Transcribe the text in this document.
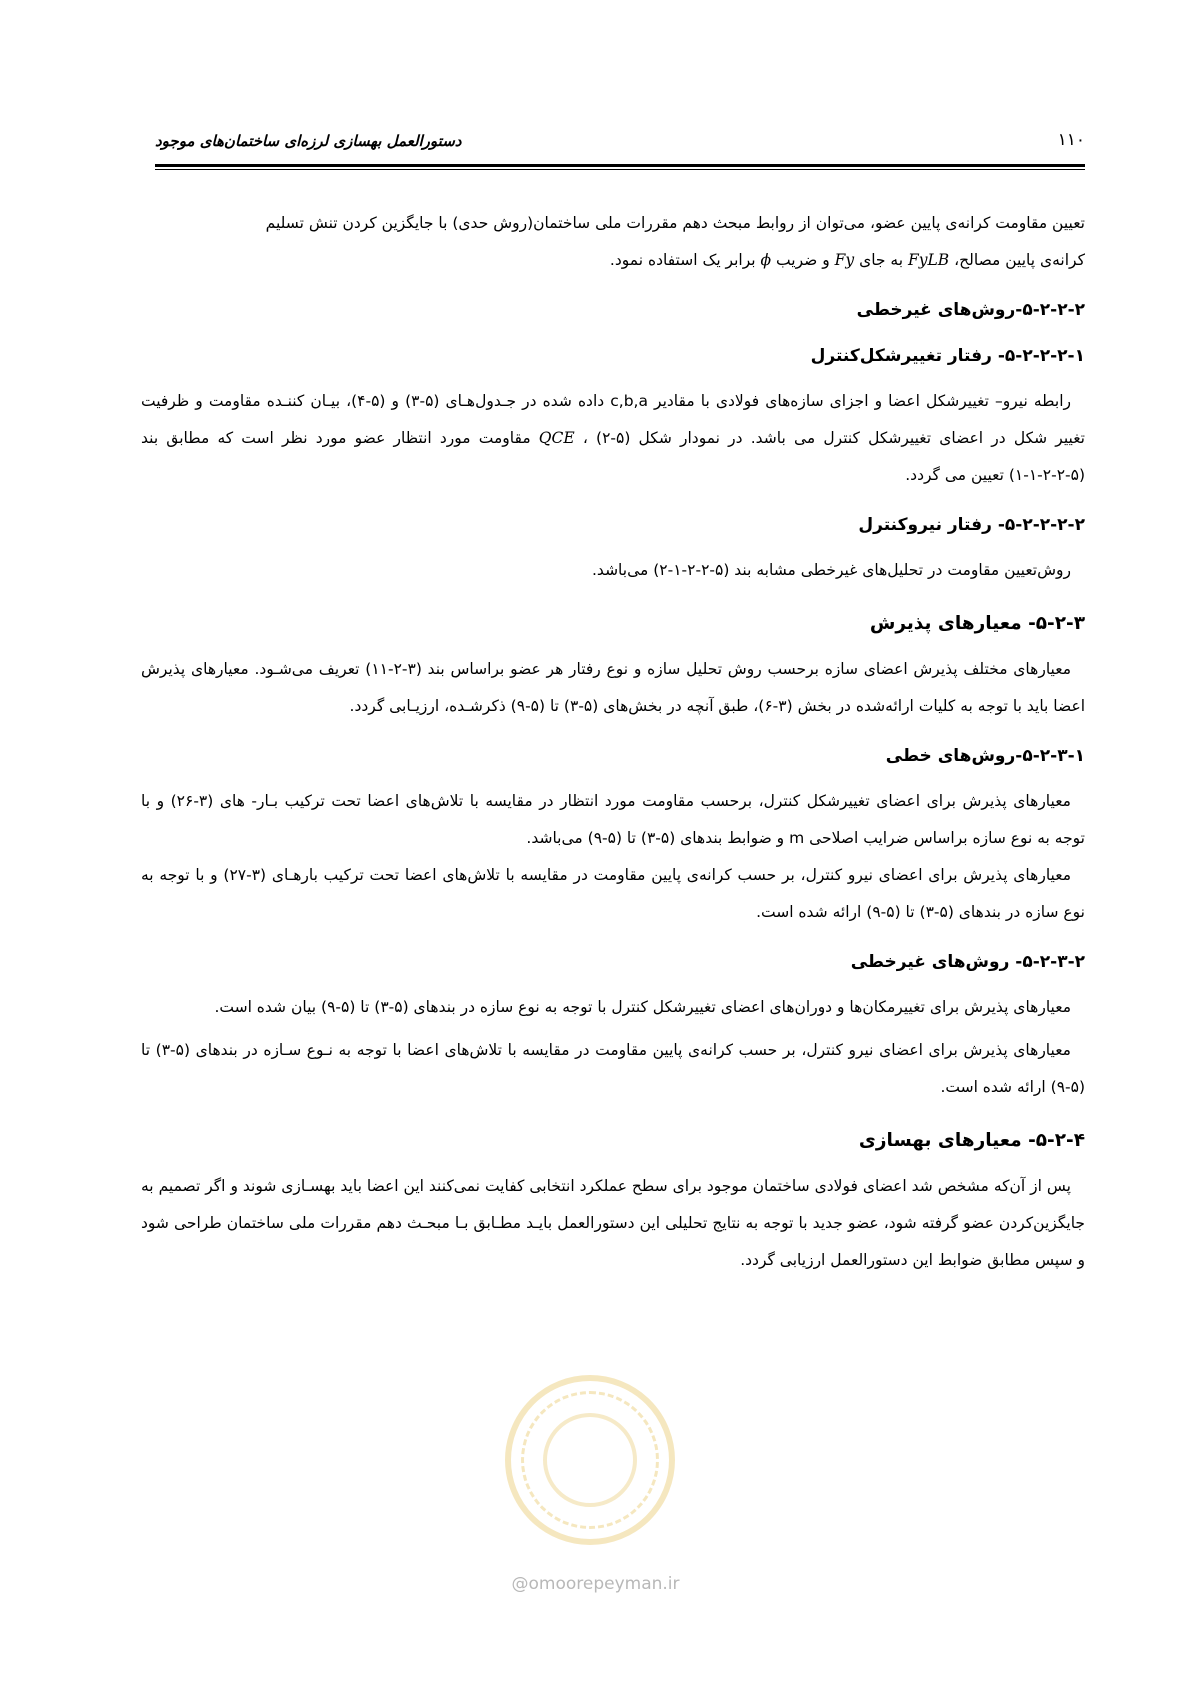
دستورالعمل بهسازی لرزه‌ای ساختمان‌های موجود	۱۱۰

تعیین مقاومت کرانه‌ی پایین عضو، می‌توان از روابط مبحث دهم مقررات ملی ساختمان(روش حدی) با جایگزین کردن تنش تسلیم
کرانه‌ی پایین مصالح، FyLB به جای Fy و ضریب ϕ برابر یک استفاده نمود.

۵-۲-۲-۲-روش‌های غیرخطی
۵-۲-۲-۲-۱- رفتار تغییرشکل‌کنترل

رابطه نیرو– تغییرشکل اعضا و اجزای سازه‌های فولادی با مقادیر c,b,a داده شده در جـدول‌هـای (۵-۳) و (۵-۴)، بیـان کننـده مقاومت و ظرفیت تغییر شکل در اعضای تغییرشکل کنترل می باشد. در نمودار شکل (۵-۲) ، QCE مقاومت مورد انتظار عضو مورد نظر است که مطابق بند (۵-۲-۲-۱-۱) تعیین می گردد.

۵-۲-۲-۲-۲- رفتار نیروکنترل

روش‌تعیین مقاومت در تحلیل‌های غیرخطی مشابه بند (۵-۲-۲-۱-۲) می‌باشد.

۵-۲-۳- معیارهای پذیرش

معیارهای مختلف پذیرش اعضای سازه برحسب روش تحلیل سازه و نوع رفتار هر عضو براساس بند (۳-۲-۱۱) تعریف می‌شـود. معیارهای پذیرش اعضا باید با توجه به کلیات ارائه‌شده در بخش (۳-۶)، طبق آنچه در بخش‌های (۵-۳) تا (۵-۹) ذکرشـده، ارزیـابی گردد.

۵-۲-۳-۱-روش‌های خطی

معیارهای پذیرش برای اعضای تغییرشکل کنترل، برحسب مقاومت مورد انتظار در مقایسه با تلاش‌های اعضا تحت ترکیب بـار- های (۳-۲۶) و با توجه به نوع سازه براساس ضرایب اصلاحی m و ضوابط بندهای (۵-۳) تا (۵-۹) می‌باشد.

معیارهای پذیرش برای اعضای نیرو کنترل، بر حسب کرانه‌ی پایین مقاومت در مقایسه با تلاش‌های اعضا تحت ترکیب بارهـای (۳-۲۷) و با توجه به نوع سازه در بندهای (۵-۳) تا (۵-۹) ارائه شده است.

۵-۲-۳-۲- روش‌های غیرخطی

معیارهای پذیرش برای تغییرمکان‌ها و دوران‌های اعضای تغییرشکل کنترل با توجه به نوع سازه در بندهای (۵-۳) تا (۵-۹) بیان شده است.

معیارهای پذیرش برای اعضای نیرو کنترل، بر حسب کرانه‌ی پایین مقاومت در مقایسه با تلاش‌های اعضا با توجه به نـوع سـازه در بندهای (۵-۳) تا (۵-۹) ارائه شده است.

۵-۲-۴- معیارهای بهسازی

پس از آن‌که مشخص شد اعضای فولادی ساختمان موجود برای سطح عملکرد انتخابی کفایت نمی‌کنند این اعضا باید بهسـازی شوند و اگر تصمیم به جایگزین‌کردن عضو گرفته شود، عضو جدید با توجه به نتایج تحلیلی این دستورالعمل بایـد مطـابق بـا مبحـث دهم مقررات ملی ساختمان طراحی شود و سپس مطابق ضوابط این دستورالعمل ارزیابی گردد.

@omoorepeyman.ir
